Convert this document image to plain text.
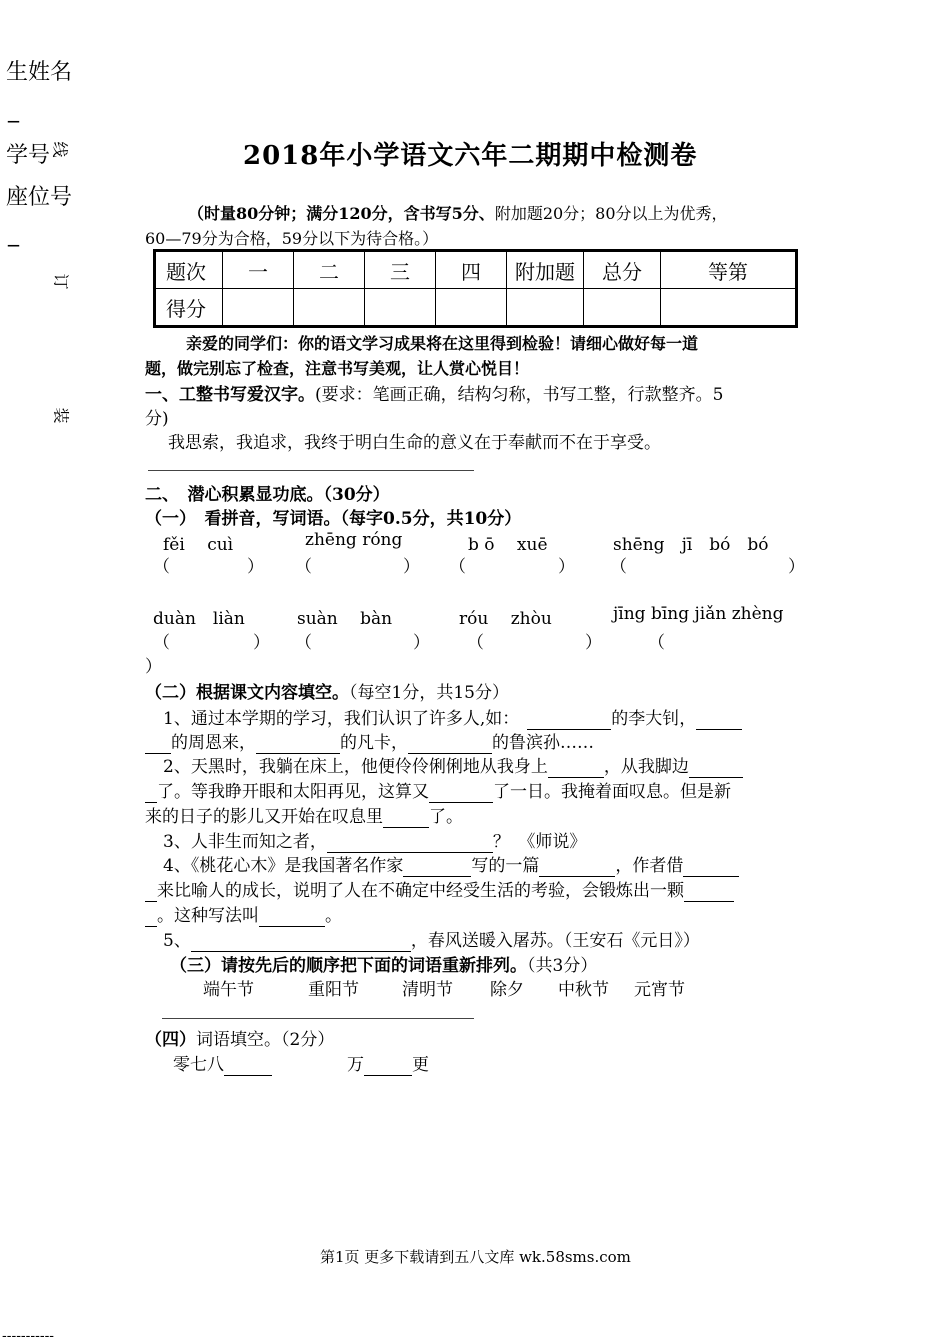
生姓名
_
学号 线
座位号
_
订
装
-----------
2018年小学语文六年二期期中检测卷
（时量80分钟；满分120分，含书写5分、附加题20分；80分以上为优秀，
60—79分为合格，59分以下为待合格。）
题次	一	二	三	四	附加题	总分	等第
得分							
亲爱的同学们：你的语文学习成果将在这里得到检验！请细心做好每一道
题，做完别忘了检查，注意书写美观，让人赏心悦目！
一、工整书写爱汉字。(要求：笔画正确，结构匀称，书写工整，行款整齐。5
分)
我思索，我追求，我终于明白生命的意义在于奉献而不在于享受。
二、　潜心积累显功底。（30分）
（一）　看拼音，写词语。（每字0.5分，共10分）
fěi　 cuì	zhēng róng	b ō　 xuē	shēng　jī　bó　bó
（	） （	） （	） （	）
duàn　liàn	suàn　 bàn	róu　 zhòu	jīng bīng jiǎn zhèng
（	） （	） （	）	（
）
（二）根据课文内容填空。（每空1分，共15分）
1、通过本学期的学习，我们认识了许多人,如：	的李大钊，
的周恩来，	的凡卡，	的鲁滨孙……
2、天黑时，我躺在床上，他便伶伶俐俐地从我身上	，从我脚边
了。等我睁开眼和太阳再见，这算又	了一日。我掩着面叹息。但是新
来的日子的影儿又开始在叹息里	了。
3、人非生而知之者，	？　《师说》
4、《桃花心木》是我国著名作家	写的一篇	，作者借
来比喻人的成长，说明了人在不确定中经受生活的考验，会锻炼出一颗
。这种写法叫	。
5、	，春风送暖入屠苏。（王安石《元日》）
（三）请按先后的顺序把下面的词语重新排列。（共3分）
端午节	重阳节	清明节 除夕 中秋节 元宵节
（四）词语填空。（2分）
零七八	万	更
第1页 更多下载请到五八文库 wk.58sms.com
